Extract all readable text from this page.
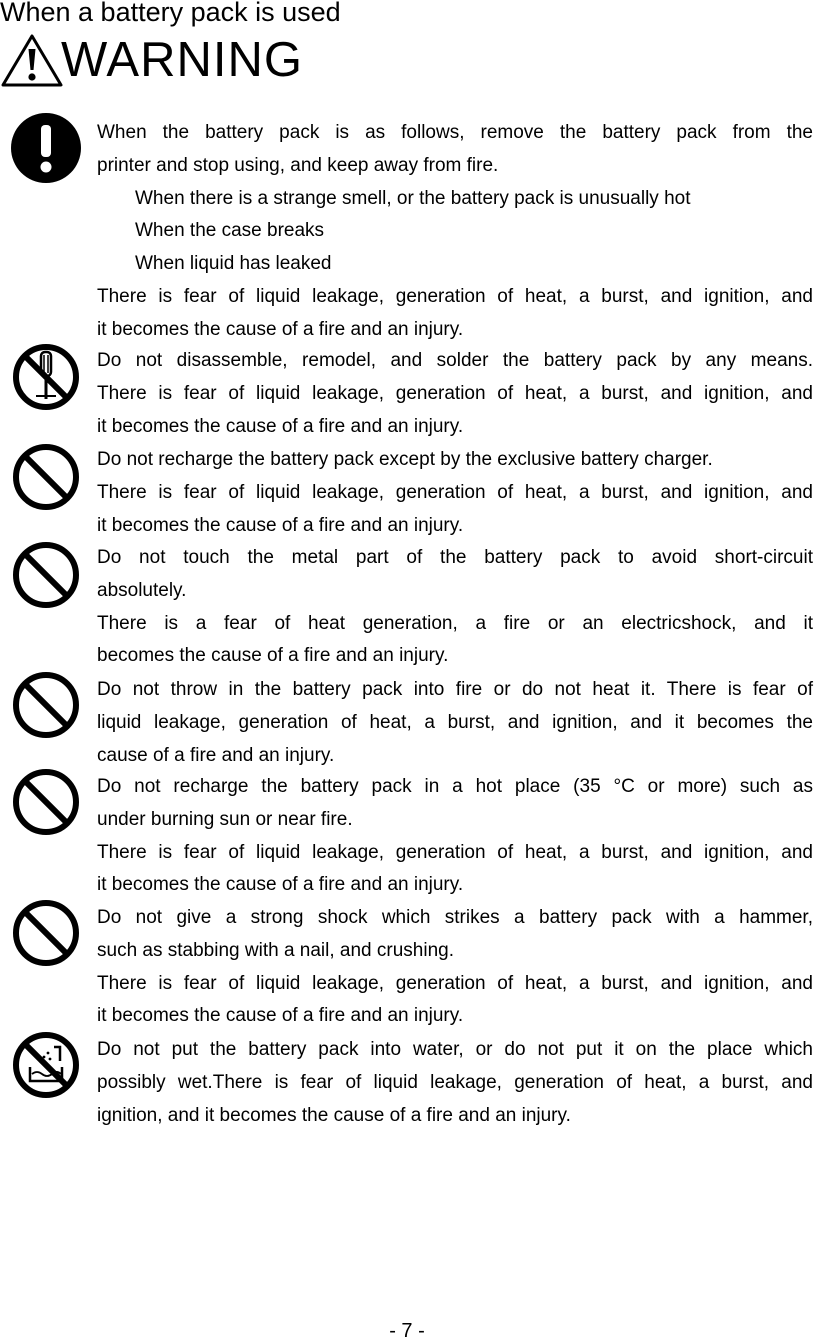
When a battery pack is used
WARNING
When the battery pack is as follows, remove the battery pack from the
printer and stop using, and keep away from fire.
When there is a strange smell, or the battery pack is unusually hot
When the case breaks
When liquid has leaked
There is fear of liquid leakage, generation of heat, a burst, and ignition, and
it becomes the cause of a fire and an injury.
Do not disassemble, remodel, and solder the battery pack by any means.
There is fear of liquid leakage, generation of heat, a burst, and ignition, and
it becomes the cause of a fire and an injury.
Do not recharge the battery pack except by the exclusive battery charger.
There is fear of liquid leakage, generation of heat, a burst, and ignition, and
it becomes the cause of a fire and an injury.
Do not touch the metal part of the battery pack to avoid short-circuit
absolutely.
There is a fear of heat generation, a fire or an electricshock, and it
becomes the cause of a fire and an injury.
Do not throw in the battery pack into fire or do not heat it. There is fear of
liquid leakage, generation of heat, a burst, and ignition, and it becomes the
cause of a fire and an injury.
Do not recharge the battery pack in a hot place (35 °C or more) such as
under burning sun or near fire.
There is fear of liquid leakage, generation of heat, a burst, and ignition, and
it becomes the cause of a fire and an injury.
Do not give a strong shock which strikes a battery pack with a hammer,
such as stabbing with a nail, and crushing.
There is fear of liquid leakage, generation of heat, a burst, and ignition, and
it becomes the cause of a fire and an injury.
Do not put the battery pack into water, or do not put it on the place which
possibly wet.There is fear of liquid leakage, generation of heat, a burst, and
ignition, and it becomes the cause of a fire and an injury.
- 7 -
